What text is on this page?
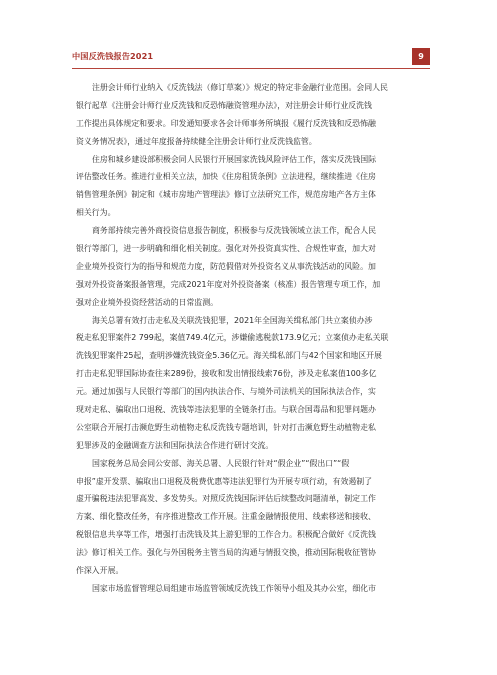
中国反洗钱报告2021	9
注册会计师行业纳入《反洗钱法（修订草案）》规定的特定非金融行业范围。会同人民
银行起草《注册会计师行业反洗钱和反恐怖融资管理办法》，对注册会计师行业反洗钱
工作提出具体规定和要求。印发通知要求各会计师事务所填报《履行反洗钱和反恐怖融
资义务情况表》，通过年度报备持续健全注册会计师行业反洗钱监管。
住房和城乡建设部积极会同人民银行开展国家洗钱风险评估工作，落实反洗钱国际
评估整改任务。推进行业相关立法，加快《住房租赁条例》立法进程，继续推进《住房
销售管理条例》制定和《城市房地产管理法》修订立法研究工作，规范房地产各方主体
相关行为。
商务部持续完善外商投资信息报告制度，积极参与反洗钱领域立法工作，配合人民
银行等部门，进一步明确和细化相关制度。强化对外投资真实性、合规性审查，加大对
企业境外投资行为的指导和规范力度，防范假借对外投资名义从事洗钱活动的风险。加
强对外投资备案报备管理，完成2021年度对外投资备案（核准）报告管理专项工作，加
强对企业境外投资经营活动的日常监测。
海关总署有效打击走私及关联洗钱犯罪，2021年全国海关缉私部门共立案侦办涉
税走私犯罪案件2 799起，案值749.4亿元，涉嫌偷逃税款173.9亿元；立案侦办走私关联
洗钱犯罪案件25起，查明涉嫌洗钱资金5.36亿元。海关缉私部门与42个国家和地区开展
打击走私犯罪国际协查往来289份，接收和发出情报线索76份，涉及走私案值100多亿
元。通过加强与人民银行等部门的国内执法合作、与境外司法机关的国际执法合作，实
现对走私、骗取出口退税、洗钱等违法犯罪的全链条打击。与联合国毒品和犯罪问题办
公室联合开展打击濒危野生动植物走私反洗钱专题培训，针对打击濒危野生动植物走私
犯罪涉及的金融调查方法和国际执法合作进行研讨交流。
国家税务总局会同公安部、海关总署、人民银行针对“假企业”“假出口”“假
申报”虚开发票、骗取出口退税及税费优惠等违法犯罪行为开展专项行动，有效遏制了
虚开骗税违法犯罪高发、多发势头。对照反洗钱国际评估后续整改问题清单，制定工作
方案、细化整改任务，有序推进整改工作开展。注重金融情报使用、线索移送和接收、
税银信息共享等工作，增强打击洗钱及其上游犯罪的工作合力。积极配合做好《反洗钱
法》修订相关工作。强化与外国税务主管当局的沟通与情报交换，推动国际税收征管协
作深入开展。
国家市场监督管理总局组建市场监管领域反洗钱工作领导小组及其办公室，细化市
